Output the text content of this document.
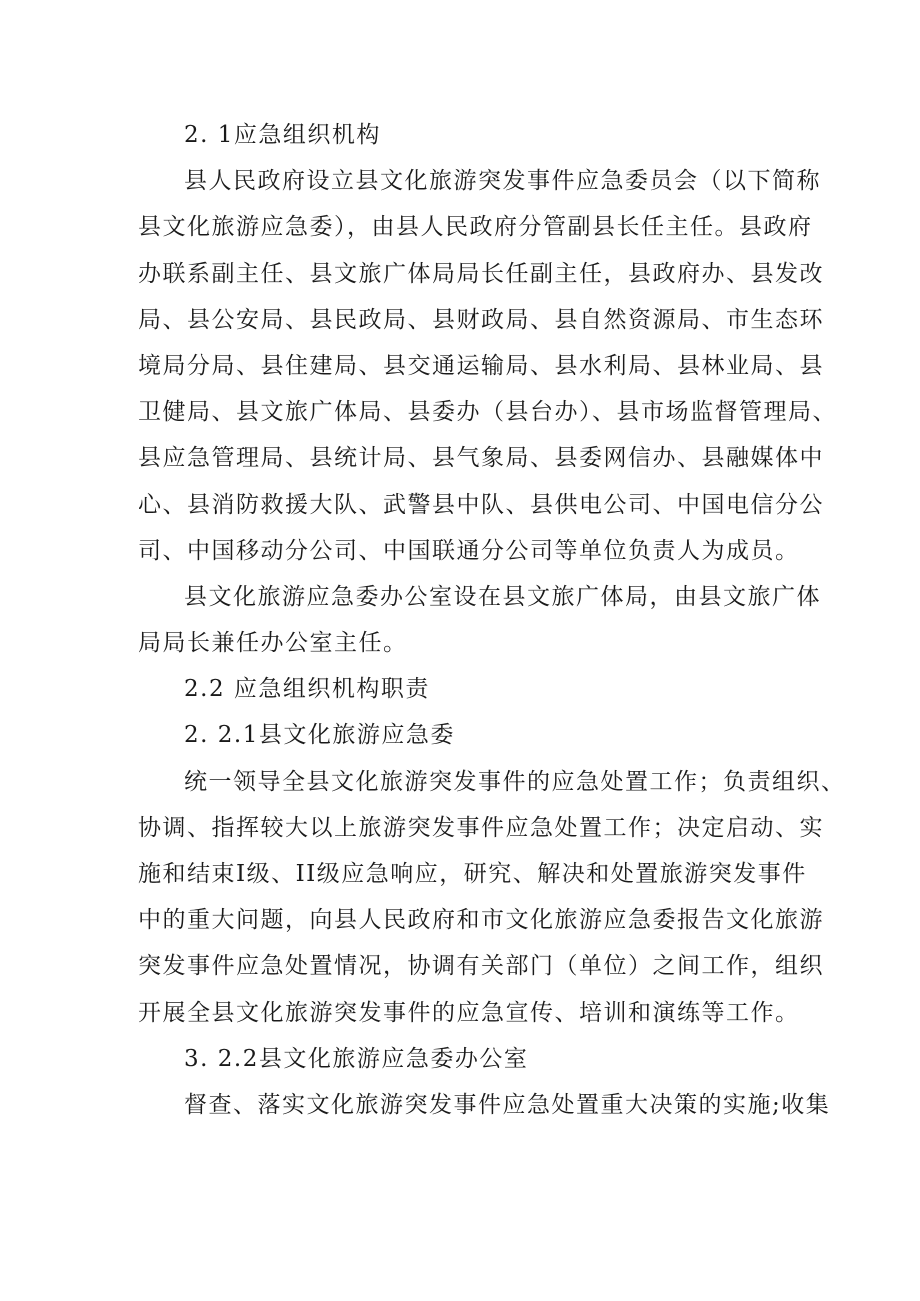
2. 1应急组织机构
县人民政府设立县文化旅游突发事件应急委员会（以下简称
县文化旅游应急委），由县人民政府分管副县长任主任。县政府
办联系副主任、县文旅广体局局长任副主任，县政府办、县发改
局、县公安局、县民政局、县财政局、县自然资源局、市生态环
境局分局、县住建局、县交通运输局、县水利局、县林业局、县
卫健局、县文旅广体局、县委办（县台办）、县市场监督管理局、
县应急管理局、县统计局、县气象局、县委网信办、县融媒体中
心、县消防救援大队、武警县中队、县供电公司、中国电信分公
司、中国移动分公司、中国联通分公司等单位负责人为成员。
县文化旅游应急委办公室设在县文旅广体局，由县文旅广体
局局长兼任办公室主任。
2.2 应急组织机构职责
2. 2.1县文化旅游应急委
统一领导全县文化旅游突发事件的应急处置工作；负责组织、
协调、指挥较大以上旅游突发事件应急处置工作；决定启动、实
施和结束Ⅰ级、II级应急响应，研究、解决和处置旅游突发事件
中的重大问题，向县人民政府和市文化旅游应急委报告文化旅游
突发事件应急处置情况，协调有关部门（单位）之间工作，组织
开展全县文化旅游突发事件的应急宣传、培训和演练等工作。
3. 2.2县文化旅游应急委办公室
督查、落实文化旅游突发事件应急处置重大决策的实施;收集
